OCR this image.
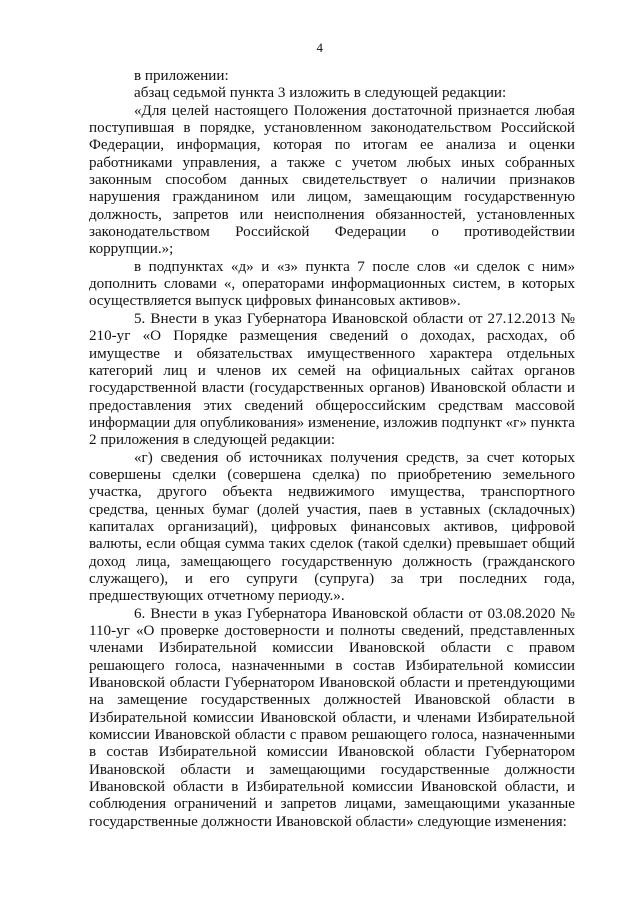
4

в приложении:

абзац седьмой пункта 3 изложить в следующей редакции:

«Для целей настоящего Положения достаточной признается любая поступившая в порядке, установленном законодательством Российской Федерации, информация, которая по итогам ее анализа и оценки работниками управления, а также с учетом любых иных собранных законным способом данных свидетельствует о наличии признаков нарушения гражданином или лицом, замещающим государственную должность, запретов или неисполнения обязанностей, установленных законодательством Российской Федерации о противодействии коррупции.»;

в подпунктах «д» и «з» пункта 7 после слов «и сделок с ним» дополнить словами «, операторами информационных систем, в которых осуществляется выпуск цифровых финансовых активов».

5. Внести в указ Губернатора Ивановской области от 27.12.2013 № 210-уг «О Порядке размещения сведений о доходах, расходах, об имуществе и обязательствах имущественного характера отдельных категорий лиц и членов их семей на официальных сайтах органов государственной власти (государственных органов) Ивановской области и предоставления этих сведений общероссийским средствам массовой информации для опубликования» изменение, изложив подпункт «г» пункта 2 приложения в следующей редакции:

«г) сведения об источниках получения средств, за счет которых совершены сделки (совершена сделка) по приобретению земельного участка, другого объекта недвижимого имущества, транспортного средства, ценных бумаг (долей участия, паев в уставных (складочных) капиталах организаций), цифровых финансовых активов, цифровой валюты, если общая сумма таких сделок (такой сделки) превышает общий доход лица, замещающего государственную должность (гражданского служащего), и его супруги (супруга) за три последних года, предшествующих отчетному периоду.».

6. Внести в указ Губернатора Ивановской области от 03.08.2020 № 110-уг «О проверке достоверности и полноты сведений, представленных членами Избирательной комиссии Ивановской области с правом решающего голоса, назначенными в состав Избирательной комиссии Ивановской области Губернатором Ивановской области и претендующими на замещение государственных должностей Ивановской области в Избирательной комиссии Ивановской области, и членами Избирательной комиссии Ивановской области с правом решающего голоса, назначенными в состав Избирательной комиссии Ивановской области Губернатором Ивановской области и замещающими государственные должности Ивановской области в Избирательной комиссии Ивановской области, и соблюдения ограничений и запретов лицами, замещающими указанные государственные должности Ивановской области» следующие изменения:
